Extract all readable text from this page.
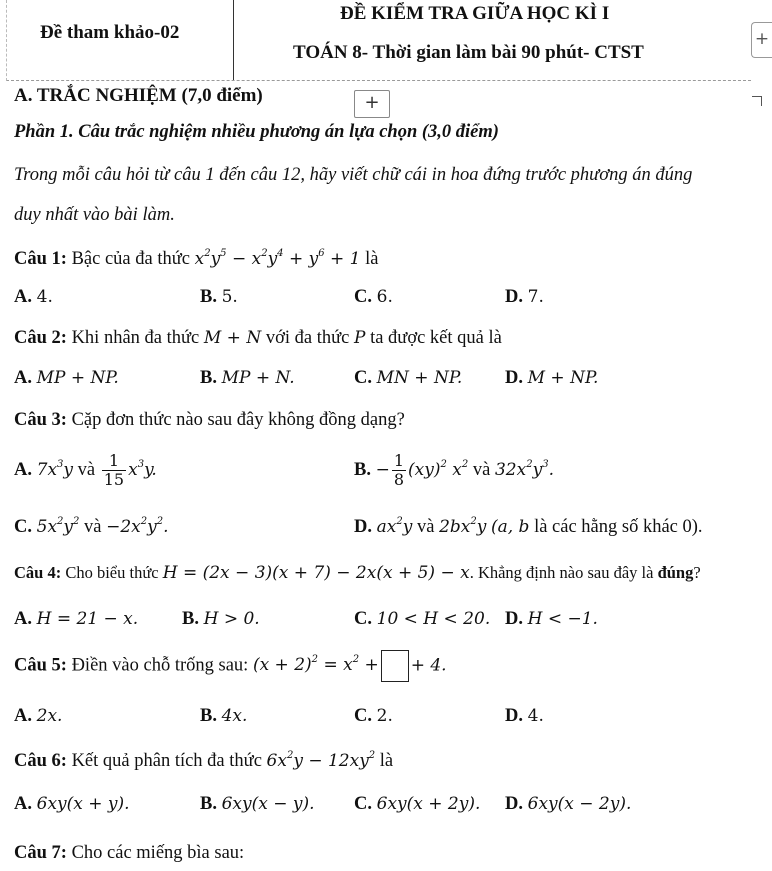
Đề tham khảo-02
ĐỀ KIỂM TRA GIỮA HỌC KÌ I
TOÁN 8- Thời gian làm bài 90 phút- CTST
+
A. TRẮC NGHIỆM (7,0 điểm)	+
Phần 1. Câu trắc nghiệm nhiều phương án lựa chọn (3,0 điểm)
Trong mỗi câu hỏi từ câu 1 đến câu 12, hãy viết chữ cái in hoa đứng trước phương án đúng
duy nhất vào bài làm.
Câu 1: Bậc của đa thức $x^2y^5 - x^2y^4 + y^6 + 1$ là
A. 4.	B. 5.	C. 6.	D. 7.
Câu 2: Khi nhân đa thức M + N với đa thức P ta được kết quả là
A. MP + NP.	B. MP + N.	C. MN + NP. D. M + NP.
Câu 3: Cặp đơn thức nào sau đây không đồng dạng?
A. $7x^3y$ và $\frac{1}{15} x^3y$.	B. − $\frac{1}{8} (xy)^2$ $x^2$ và $32x^2y^3$.
C. $5x^2y^2$ và $-2x^2y^2$.	D. $ax^2y$ và $2bx^2y$ (a, b là các hằng số khác 0).
Câu 4: Cho biểu thức H = (2x − 3)(x + 7) − 2x(x + 5) − x. Khẳng định nào sau đây là đúng?
A. H = 21 − x. B. H > 0.	C. 10 < H < 20. D. H < −1.
Câu 5: Điền vào chỗ trống sau: $(x + 2)^2 = x^2$ + + 4.
A. 2x.	B. 4x.	C. 2.	D. 4.
Câu 6: Kết quả phân tích đa thức $6x^2y - 12xy^2$ là
A. 6xy(x + y).	B. 6xy(x − y). C. 6xy(x + 2y). D. 6xy(x − 2y).
Câu 7: Cho các miếng bìa sau:
